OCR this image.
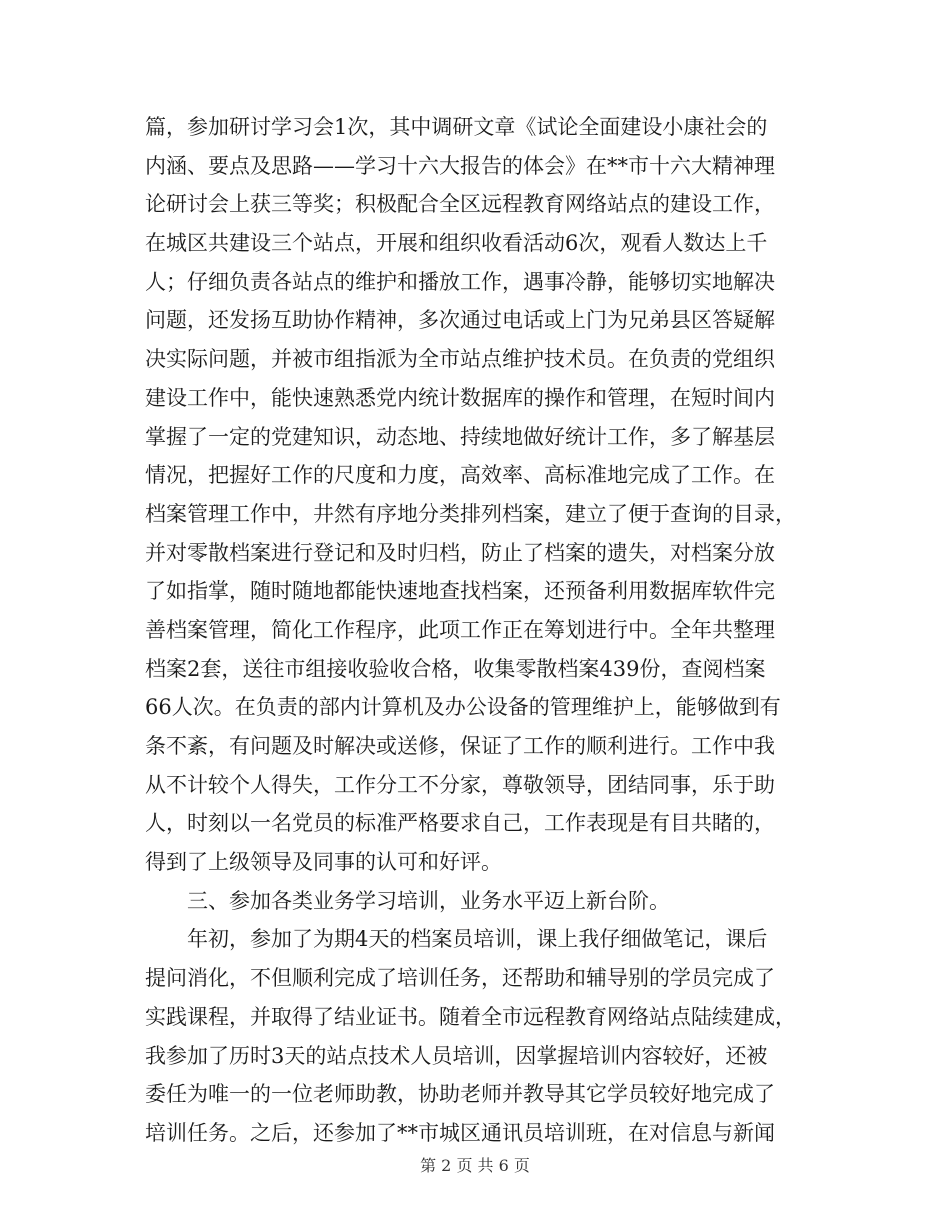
篇，参加研讨学习会1次，其中调研文章《试论全面建设小康社会的
内涵、要点及思路——学习十六大报告的体会》在**市十六大精神理
论研讨会上获三等奖；积极配合全区远程教育网络站点的建设工作，
在城区共建设三个站点，开展和组织收看活动6次，观看人数达上千
人；仔细负责各站点的维护和播放工作，遇事冷静，能够切实地解决
问题，还发扬互助协作精神，多次通过电话或上门为兄弟县区答疑解
决实际问题，并被市组指派为全市站点维护技术员。在负责的党组织
建设工作中，能快速熟悉党内统计数据库的操作和管理，在短时间内
掌握了一定的党建知识，动态地、持续地做好统计工作，多了解基层
情况，把握好工作的尺度和力度，高效率、高标准地完成了工作。在
档案管理工作中，井然有序地分类排列档案，建立了便于查询的目录，
并对零散档案进行登记和及时归档，防止了档案的遗失，对档案分放
了如指掌，随时随地都能快速地查找档案，还预备利用数据库软件完
善档案管理，简化工作程序，此项工作正在筹划进行中。全年共整理
档案2套，送往市组接收验收合格，收集零散档案439份，查阅档案
66人次。在负责的部内计算机及办公设备的管理维护上，能够做到有
条不紊，有问题及时解决或送修，保证了工作的顺利进行。工作中我
从不计较个人得失，工作分工不分家，尊敬领导，团结同事，乐于助
人，时刻以一名党员的标准严格要求自己，工作表现是有目共睹的，
得到了上级领导及同事的认可和好评。
　　三、参加各类业务学习培训，业务水平迈上新台阶。
　　年初，参加了为期4天的档案员培训，课上我仔细做笔记，课后
提问消化，不但顺利完成了培训任务，还帮助和辅导别的学员完成了
实践课程，并取得了结业证书。随着全市远程教育网络站点陆续建成，
我参加了历时3天的站点技术人员培训，因掌握培训内容较好，还被
委任为唯一的一位老师助教，协助老师并教导其它学员较好地完成了
培训任务。之后，还参加了**市城区通讯员培训班，在对信息与新闻
第 2 页 共 6 页
